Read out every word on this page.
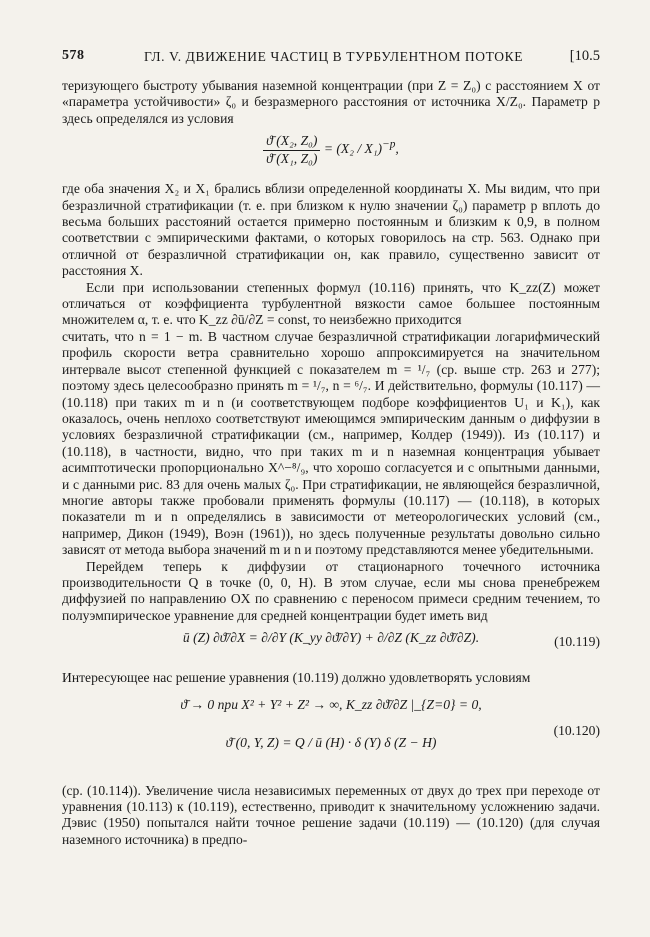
578	ГЛ. V. ДВИЖЕНИЕ ЧАСТИЦ В ТУРБУЛЕНТНОМ ПОТОКЕ	[10.5

теризующего быстроту убывания наземной концентрации (при Z = Z₀) с расстоянием X от «параметра устойчивости» ζ₀ и безразмерного расстояния от источника X/Z₀. Параметр p здесь определялся из условия

$\frac{\text{ϑ̄ (X₂, Z₀)}}{\text{ϑ̄ (X₁, Z₀)}} = (X_2 / X_1)^{-p}$,

где оба значения X₂ и X₁ брались вблизи определенной координаты X. Мы видим, что при безразличной стратификации (т. е. при близком к нулю значении ζ₀) параметр p вплоть до весьма больших расстояний остается примерно постоянным и близким к 0,9, в полном соответствии с эмпирическими фактами, о которых говорилось на стр. 563. Однако при отличной от безразличной стратификации он, как правило, существенно зависит от расстояния X.

Если при использовании степенных формул (10.116) принять, что K_zz(Z) может отличаться от коэффициента турбулентной вязкости самое большее постоянным множителем α, т. е. что K_zz ∂ū/∂Z = const, то неизбежно приходится

считать, что n = 1 − m. В частном случае безразличной стратификации логарифмический профиль скорости ветра сравнительно хорошо аппроксимируется на значительном интервале высот степенной функцией с показателем m = ¹/₇ (ср. выше стр. 263 и 277); поэтому здесь целесообразно принять m = ¹/₇, n = ⁶/₇. И действительно, формулы (10.117) — (10.118) при таких m и n (и соответствующем подборе коэффициентов U₁ и K₁), как оказалось, очень неплохо соответствуют имеющимся эмпирическим данным о диффузии в условиях безразличной стратификации (см., например, Колдер (1949)). Из (10.117) и (10.118), в частности, видно, что при таких m и n наземная концентрация убывает асимптотически пропорционально X^−⁸/₉, что хорошо согласуется и с опытными данными, и с данными рис. 83 для очень малых ζ₀. При стратификации, не являющейся безразличной, многие авторы также пробовали применять формулы (10.117) — (10.118), в которых показатели m и n определялись в зависимости от метеорологических условий (см., например, Дикон (1949), Воэн (1961)), но здесь полученные результаты довольно сильно зависят от метода выбора значений m и n и поэтому представляются менее убедительными.

Перейдем теперь к диффузии от стационарного точечного источника производительности Q в точке (0, 0, H). В этом случае, если мы снова пренебрежем диффузией по направлению OX по сравнению с переносом примеси средним течением, то полуэмпирическое уравнение для средней концентрации будет иметь вид

ū (Z) ∂ϑ̄/∂X = ∂/∂Y (K_yy ∂ϑ̄/∂Y) + ∂/∂Z (K_zz ∂ϑ̄/∂Z).	(10.119)

Интересующее нас решение уравнения (10.119) должно удовлетворять условиям

ϑ̄ → 0 при X² + Y² + Z² → ∞, K_zz ∂ϑ̄/∂Z |_{Z=0} = 0,
(10.120)
ϑ̄ (0, Y, Z) = Q / ū (H) · δ (Y) δ (Z − H)

(ср. (10.114)). Увеличение числа независимых переменных от двух до трех при переходе от уравнения (10.113) к (10.119), естественно, приводит к значительному усложнению задачи. Дэвис (1950) попытался найти точное решение задачи (10.119) — (10.120) (для случая наземного источника) в предпо-
